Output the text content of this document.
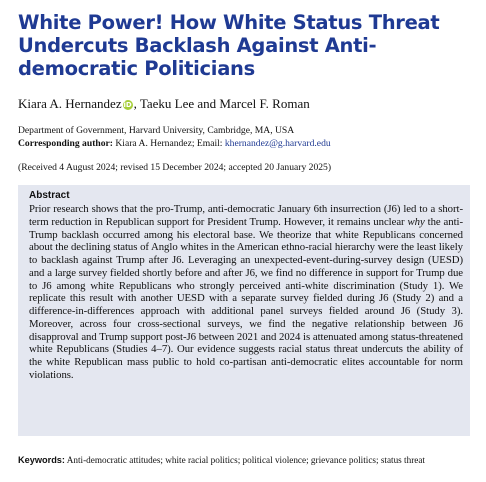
White Power! How White Status Threat Undercuts Backlash Against Anti-democratic Politicians

Kiara A. Hernandez iD , Taeku Lee and Marcel F. Roman

Department of Government, Harvard University, Cambridge, MA, USA
Corresponding author: Kiara A. Hernandez; Email: khernandez@g.harvard.edu
(Received 4 August 2024; revised 15 December 2024; accepted 20 January 2025)
Abstract

Prior research shows that the pro-Trump, anti-democratic January 6th insurrection (J6) led to a short-term reduction in Republican support for President Trump. However, it remains unclear why the anti-Trump backlash occurred among his electoral base. We theorize that white Republicans concerned about the declining status of Anglo whites in the American ethno-racial hierarchy were the least likely to backlash against Trump after J6. Leveraging an unexpected-event-during-survey design (UESD) and a large survey fielded shortly before and after J6, we find no difference in support for Trump due to J6 among white Republicans who strongly perceived anti-white discrimination (Study 1). We replicate this result with another UESD with a separate survey fielded during J6 (Study 2) and a difference-in-differences approach with additional panel surveys fielded around J6 (Study 3). Moreover, across four cross-sectional surveys, we find the negative relationship between J6 disapproval and Trump support post-J6 between 2021 and 2024 is attenuated among status-threatened white Republicans (Studies 4–7). Our evidence suggests racial status threat undercuts the ability of the white Republican mass public to hold co-partisan anti-democratic elites accountable for norm violations.

Keywords: Anti-democratic attitudes; white racial politics; political violence; grievance politics; status threat
